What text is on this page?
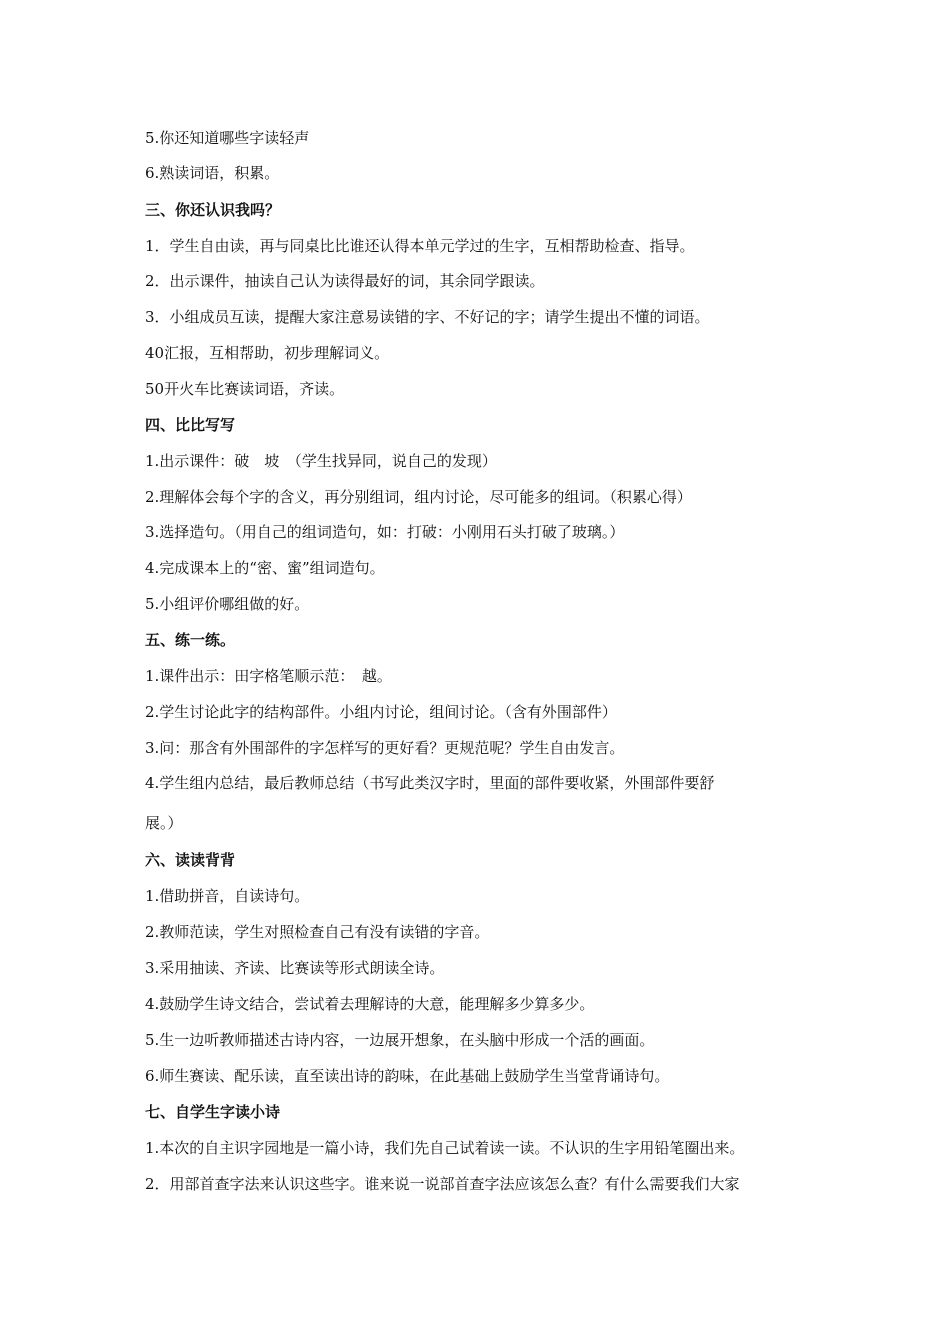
5.你还知道哪些字读轻声
6.熟读词语，积累。
三、你还认识我吗？
1．学生自由读，再与同桌比比谁还认得本单元学过的生字，互相帮助检查、指导。
2．出示课件，抽读自己认为读得最好的词，其余同学跟读。
3．小组成员互读，提醒大家注意易读错的字、不好记的字；请学生提出不懂的词语。
40汇报，互相帮助，初步理解词义。
50开火车比赛读词语，齐读。
四、比比写写
1.出示课件：破　坡　（学生找异同，说自己的发现）
2.理解体会每个字的含义，再分别组词，组内讨论，尽可能多的组词。（积累心得）
3.选择造句。（用自己的组词造句，如：打破：小刚用石头打破了玻璃。）
4.完成课本上的“密、蜜”组词造句。
5.小组评价哪组做的好。
五、练一练。
1.课件出示：田字格笔顺示范：　越。
2.学生讨论此字的结构部件。小组内讨论，组间讨论。（含有外围部件）
3.问：那含有外围部件的字怎样写的更好看？更规范呢？学生自由发言。
4.学生组内总结，最后教师总结（书写此类汉字时，里面的部件要收紧，外围部件要舒
展。）
六、读读背背
1.借助拼音，自读诗句。
2.教师范读，学生对照检查自己有没有读错的字音。
3.采用抽读、齐读、比赛读等形式朗读全诗。
4.鼓励学生诗文结合，尝试着去理解诗的大意，能理解多少算多少。
5.生一边听教师描述古诗内容，一边展开想象，在头脑中形成一个活的画面。
6.师生赛读、配乐读，直至读出诗的韵味，在此基础上鼓励学生当堂背诵诗句。
七、自学生字读小诗
1.本次的自主识字园地是一篇小诗，我们先自己试着读一读。不认识的生字用铅笔圈出来。
2．用部首查字法来认识这些字。谁来说一说部首查字法应该怎么查？有什么需要我们大家
